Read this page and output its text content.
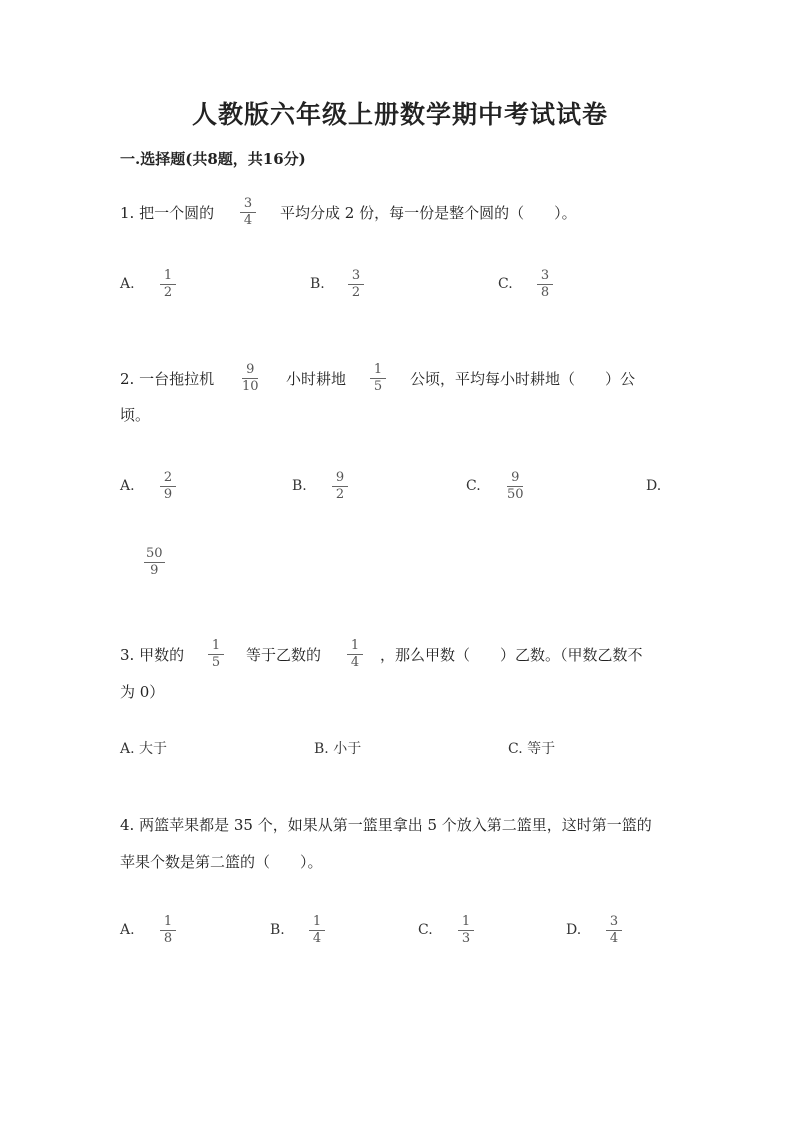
人教版六年级上册数学期中考试试卷
一.选择题(共8题，共16分)
1. 把一个圆的 $\frac{3}{4}$ 平均分成 2 份，每一份是整个圆的（　　）。
A. $\frac{1}{2}$	B. $\frac{3}{2}$	C. $\frac{3}{8}$
2. 一台拖拉机 $\frac{9}{10}$ 小时耕地 $\frac{1}{5}$ 公顷，平均每小时耕地（　　）公
顷。
A. $\frac{2}{9}$	B. $\frac{9}{2}$	C. $\frac{9}{50}$	D.
$\frac{50}{9}$
3. 甲数的 $\frac{1}{5}$ 等于乙数的 $\frac{1}{4}$ ，那么甲数（　　）乙数。（甲数乙数不
为 0）
A. 大于	B. 小于	C. 等于
4. 两篮苹果都是 35 个，如果从第一篮里拿出 5 个放入第二篮里，这时第一篮的
苹果个数是第二篮的（　　）。
A. $\frac{1}{8}$	B. $\frac{1}{4}$	C. $\frac{1}{3}$	D. $\frac{3}{4}$
